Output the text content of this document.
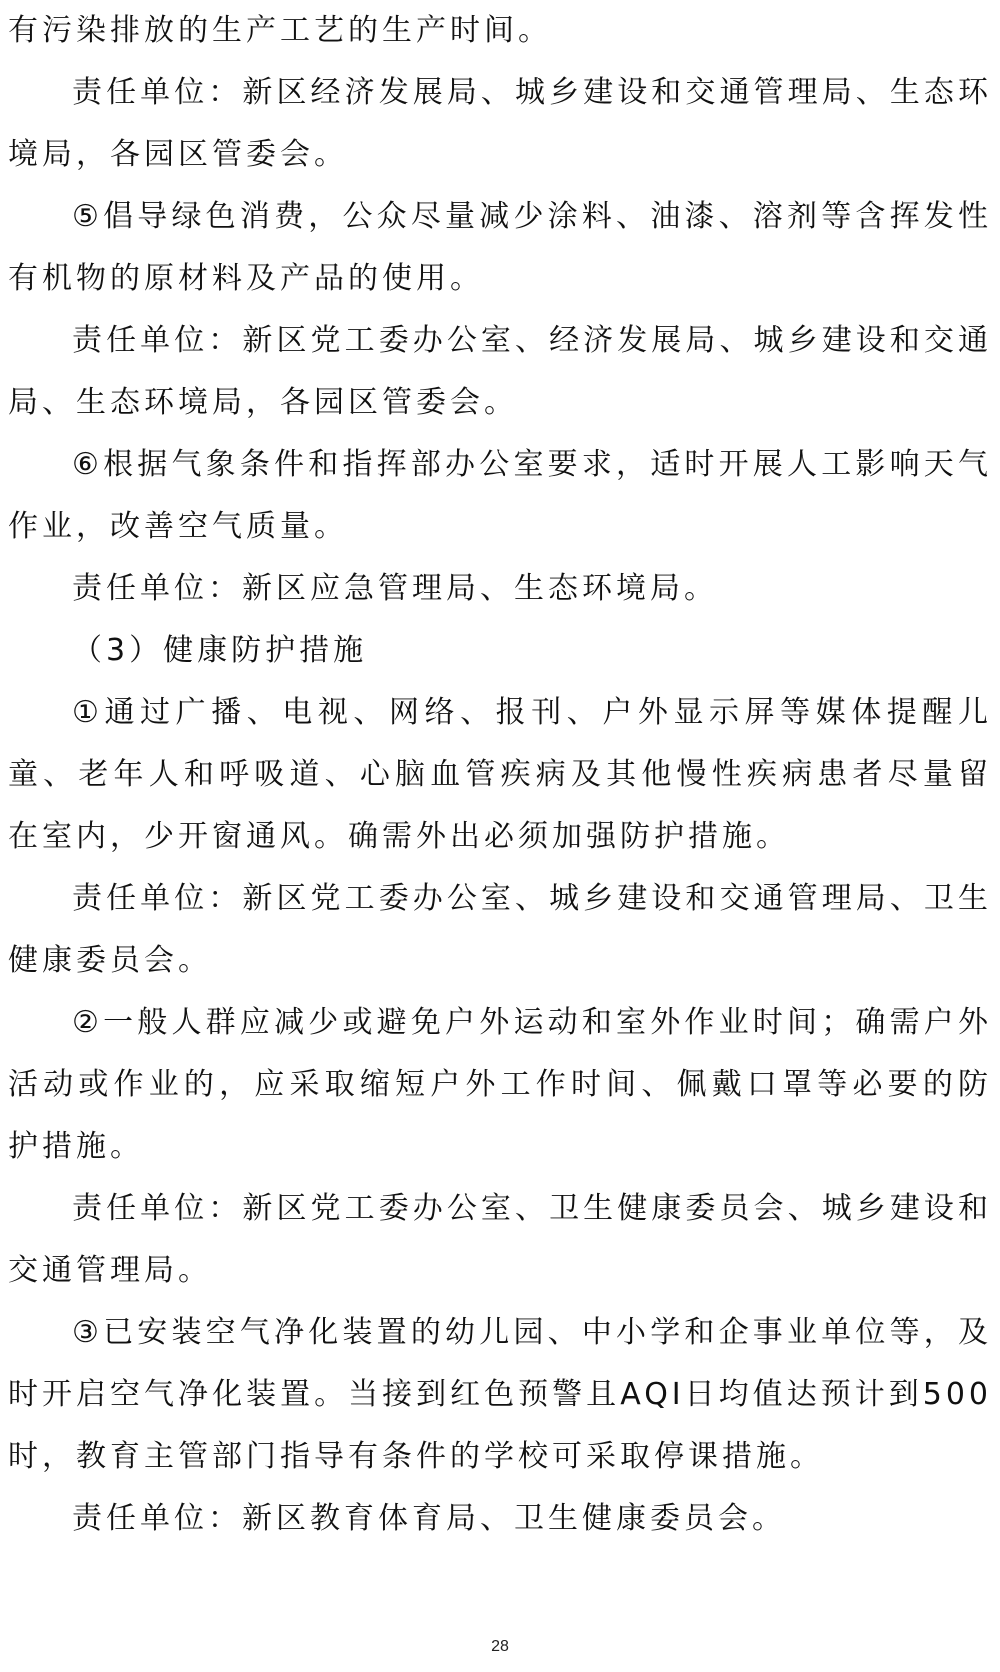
有污染排放的生产工艺的生产时间。

责任单位：新区经济发展局、城乡建设和交通管理局、生态环境局，各园区管委会。

⑤倡导绿色消费，公众尽量减少涂料、油漆、溶剂等含挥发性有机物的原材料及产品的使用。

责任单位：新区党工委办公室、经济发展局、城乡建设和交通局、生态环境局，各园区管委会。

⑥根据气象条件和指挥部办公室要求，适时开展人工影响天气作业，改善空气质量。

责任单位：新区应急管理局、生态环境局。

（3）健康防护措施

①通过广播、电视、网络、报刊、户外显示屏等媒体提醒儿童、老年人和呼吸道、心脑血管疾病及其他慢性疾病患者尽量留在室内，少开窗通风。确需外出必须加强防护措施。

责任单位：新区党工委办公室、城乡建设和交通管理局、卫生健康委员会。

②一般人群应减少或避免户外运动和室外作业时间；确需户外活动或作业的，应采取缩短户外工作时间、佩戴口罩等必要的防护措施。

责任单位：新区党工委办公室、卫生健康委员会、城乡建设和交通管理局。

③已安装空气净化装置的幼儿园、中小学和企事业单位等，及时开启空气净化装置。当接到红色预警且AQI日均值达预计到500时，教育主管部门指导有条件的学校可采取停课措施。

责任单位：新区教育体育局、卫生健康委员会。

28
